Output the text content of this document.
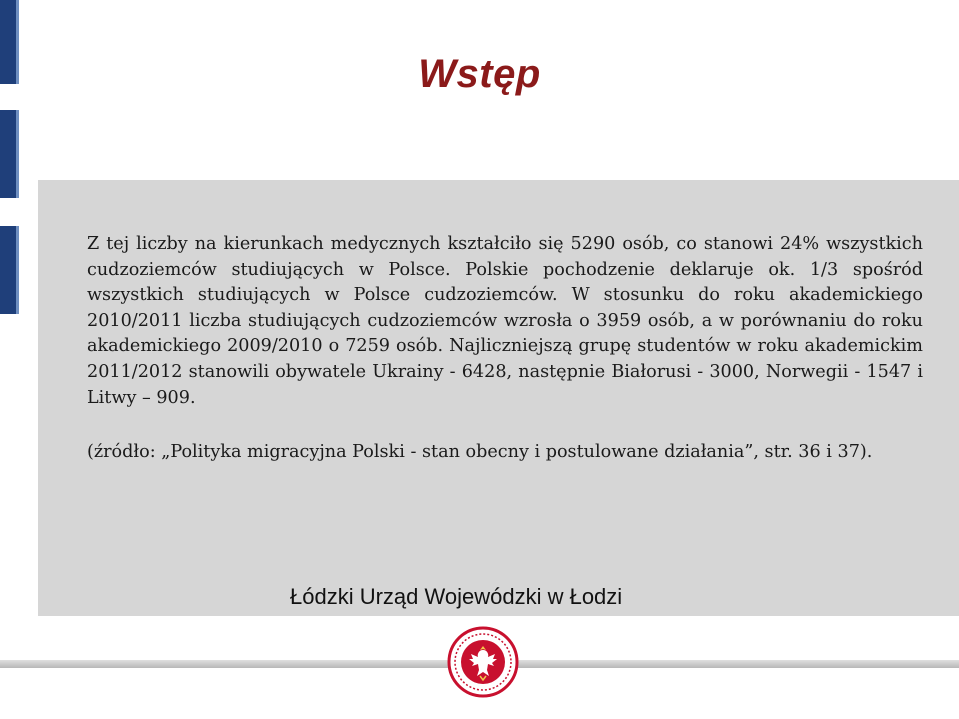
Wstęp

Z tej liczby na kierunkach medycznych kształciło się 5290 osób, co stanowi 24% wszystkich cudzoziemców studiujących w Polsce. Polskie pochodzenie deklaruje ok. 1/3 spośród wszystkich studiujących w Polsce cudzoziemców. W stosunku do roku akademickiego 2010/2011 liczba studiujących cudzoziemców wzrosła o 3959 osób, a w porównaniu do roku akademickiego 2009/2010 o 7259 osób. Najliczniejszą grupę studentów w roku akademickim 2011/2012 stanowili obywatele Ukrainy - 6428, następnie Białorusi - 3000, Norwegii - 1547 i Litwy – 909.

(źródło: „Polityka migracyjna Polski - stan obecny i postulowane działania”, str. 36 i 37).

Łódzki Urząd Wojewódzki w Łodzi
